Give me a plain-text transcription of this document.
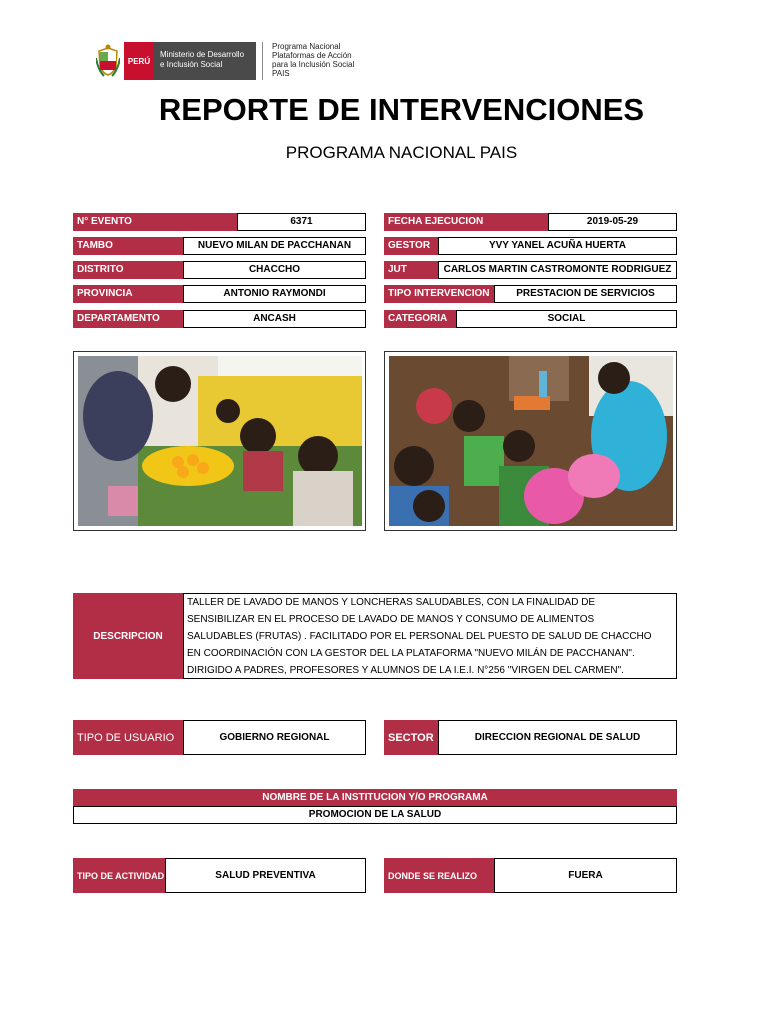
PERÚ
Ministerio de Desarrollo
e Inclusión Social
Programa Nacional
Plataformas de Acción
para la Inclusión Social
PAIS
REPORTE DE INTERVENCIONES
PROGRAMA NACIONAL PAIS
N° EVENTO	6371
TAMBO	NUEVO MILAN DE PACCHANAN
DISTRITO	CHACCHO
PROVINCIA	ANTONIO RAYMONDI
DEPARTAMENTO	ANCASH
FECHA EJECUCION	2019-05-29
GESTOR	YVY YANEL ACUÑA HUERTA
JUT	CARLOS MARTIN CASTROMONTE RODRIGUEZ
TIPO INTERVENCION	PRESTACION DE SERVICIOS
CATEGORIA	SOCIAL
DESCRIPCION
TALLER DE LAVADO DE MANOS Y LONCHERAS SALUDABLES, CON LA FINALIDAD DE
SENSIBILIZAR EN EL PROCESO DE LAVADO DE MANOS Y CONSUMO DE ALIMENTOS
SALUDABLES (FRUTAS) . FACILITADO POR EL PERSONAL DEL PUESTO DE SALUD DE CHACCHO
EN COORDINACIÓN CON LA GESTOR DEL LA PLATAFORMA "NUEVO MILÁN DE PACCHANAN".
DIRIGIDO A PADRES, PROFESORES Y ALUMNOS DE LA I.E.I. N°256 "VIRGEN DEL CARMEN".
TIPO DE USUARIO	GOBIERNO REGIONAL	SECTOR	DIRECCION REGIONAL DE SALUD
NOMBRE DE LA INSTITUCION Y/O PROGRAMA
PROMOCION DE LA SALUD
TIPO DE ACTIVIDAD	SALUD PREVENTIVA	DONDE SE REALIZO	FUERA
